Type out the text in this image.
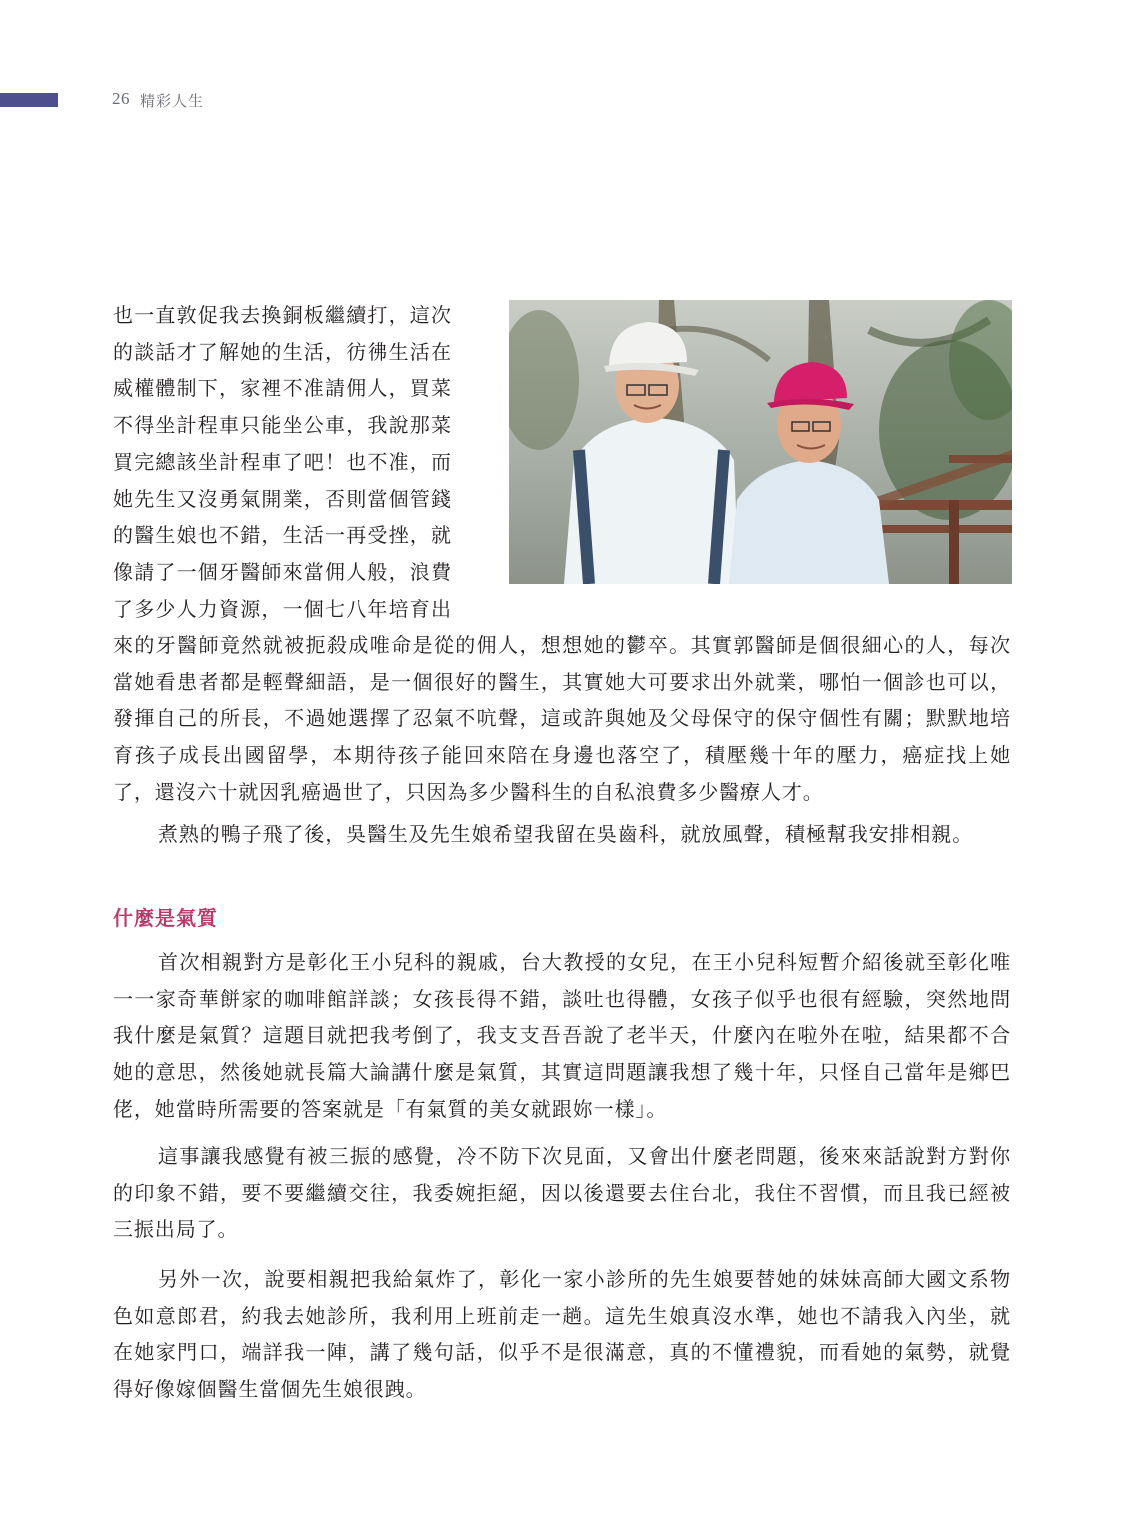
26 精彩人生
也一直敦促我去換銅板繼續打，這次
的談話才了解她的生活，彷彿生活在
威權體制下，家裡不准請佣人，買菜
不得坐計程車只能坐公車，我說那菜
買完總該坐計程車了吧！也不准，而
她先生又沒勇氣開業，否則當個管錢
的醫生娘也不錯，生活一再受挫，就
像請了一個牙醫師來當佣人般，浪費
了多少人力資源，一個七八年培育出

來的牙醫師竟然就被扼殺成唯命是從的佣人，想想她的鬱卒。其實郭醫師是個很細心的人，每次當她看患者都是輕聲細語，是一個很好的醫生，其實她大可要求出外就業，哪怕一個診也可以，發揮自己的所長，不過她選擇了忍氣不吭聲，這或許與她及父母保守的保守個性有關；默默地培育孩子成長出國留學，本期待孩子能回來陪在身邊也落空了，積壓幾十年的壓力，癌症找上她了，還沒六十就因乳癌過世了，只因為多少醫科生的自私浪費多少醫療人才。

煮熟的鴨子飛了後，吳醫生及先生娘希望我留在吳齒科，就放風聲，積極幫我安排相親。

什麼是氣質

首次相親對方是彰化王小兒科的親戚，台大教授的女兒，在王小兒科短暫介紹後就至彰化唯一一家奇華餅家的咖啡館詳談；女孩長得不錯，談吐也得體，女孩子似乎也很有經驗，突然地問我什麼是氣質？這題目就把我考倒了，我支支吾吾說了老半天，什麼內在啦外在啦，結果都不合她的意思，然後她就長篇大論講什麼是氣質，其實這問題讓我想了幾十年，只怪自己當年是鄉巴佬，她當時所需要的答案就是「有氣質的美女就跟妳一樣」。

這事讓我感覺有被三振的感覺，冷不防下次見面，又會出什麼老問題，後來來話說對方對你的印象不錯，要不要繼續交往，我委婉拒絕，因以後還要去住台北，我住不習慣，而且我已經被三振出局了。

另外一次，說要相親把我給氣炸了，彰化一家小診所的先生娘要替她的妹妹高師大國文系物色如意郎君，約我去她診所，我利用上班前走一趟。這先生娘真沒水準，她也不請我入內坐，就在她家門口，端詳我一陣，講了幾句話，似乎不是很滿意，真的不懂禮貌，而看她的氣勢，就覺得好像嫁個醫生當個先生娘很跩。
